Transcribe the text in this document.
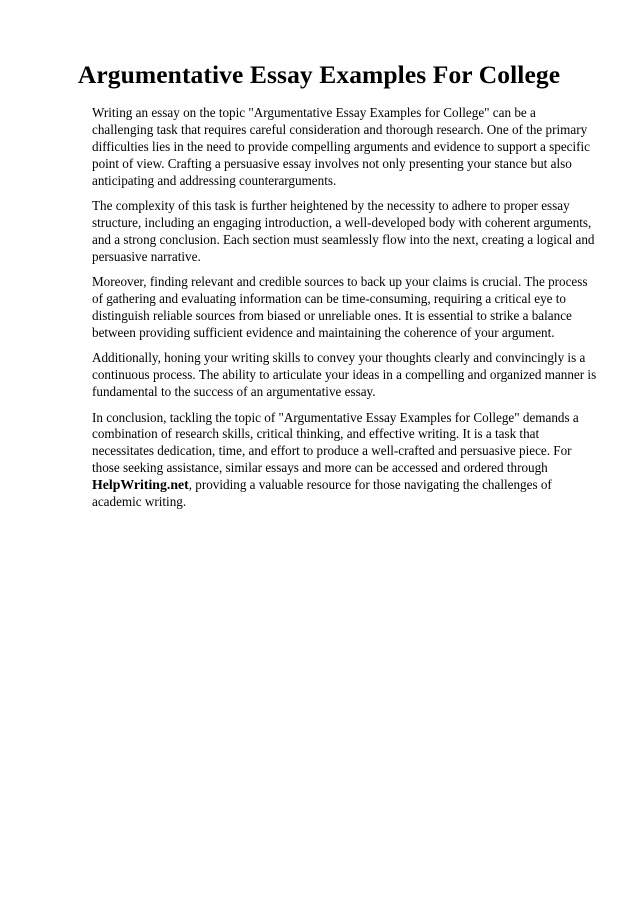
Argumentative Essay Examples For College

Writing an essay on the topic "Argumentative Essay Examples for College" can be a challenging task that requires careful consideration and thorough research. One of the primary difficulties lies in the need to provide compelling arguments and evidence to support a specific point of view. Crafting a persuasive essay involves not only presenting your stance but also anticipating and addressing counterarguments.

The complexity of this task is further heightened by the necessity to adhere to proper essay structure, including an engaging introduction, a well-developed body with coherent arguments, and a strong conclusion. Each section must seamlessly flow into the next, creating a logical and persuasive narrative.

Moreover, finding relevant and credible sources to back up your claims is crucial. The process of gathering and evaluating information can be time-consuming, requiring a critical eye to distinguish reliable sources from biased or unreliable ones. It is essential to strike a balance between providing sufficient evidence and maintaining the coherence of your argument.

Additionally, honing your writing skills to convey your thoughts clearly and convincingly is a continuous process. The ability to articulate your ideas in a compelling and organized manner is fundamental to the success of an argumentative essay.

In conclusion, tackling the topic of "Argumentative Essay Examples for College" demands a combination of research skills, critical thinking, and effective writing. It is a task that necessitates dedication, time, and effort to produce a well-crafted and persuasive piece. For those seeking assistance, similar essays and more can be accessed and ordered through HelpWriting.net, providing a valuable resource for those navigating the challenges of academic writing.
